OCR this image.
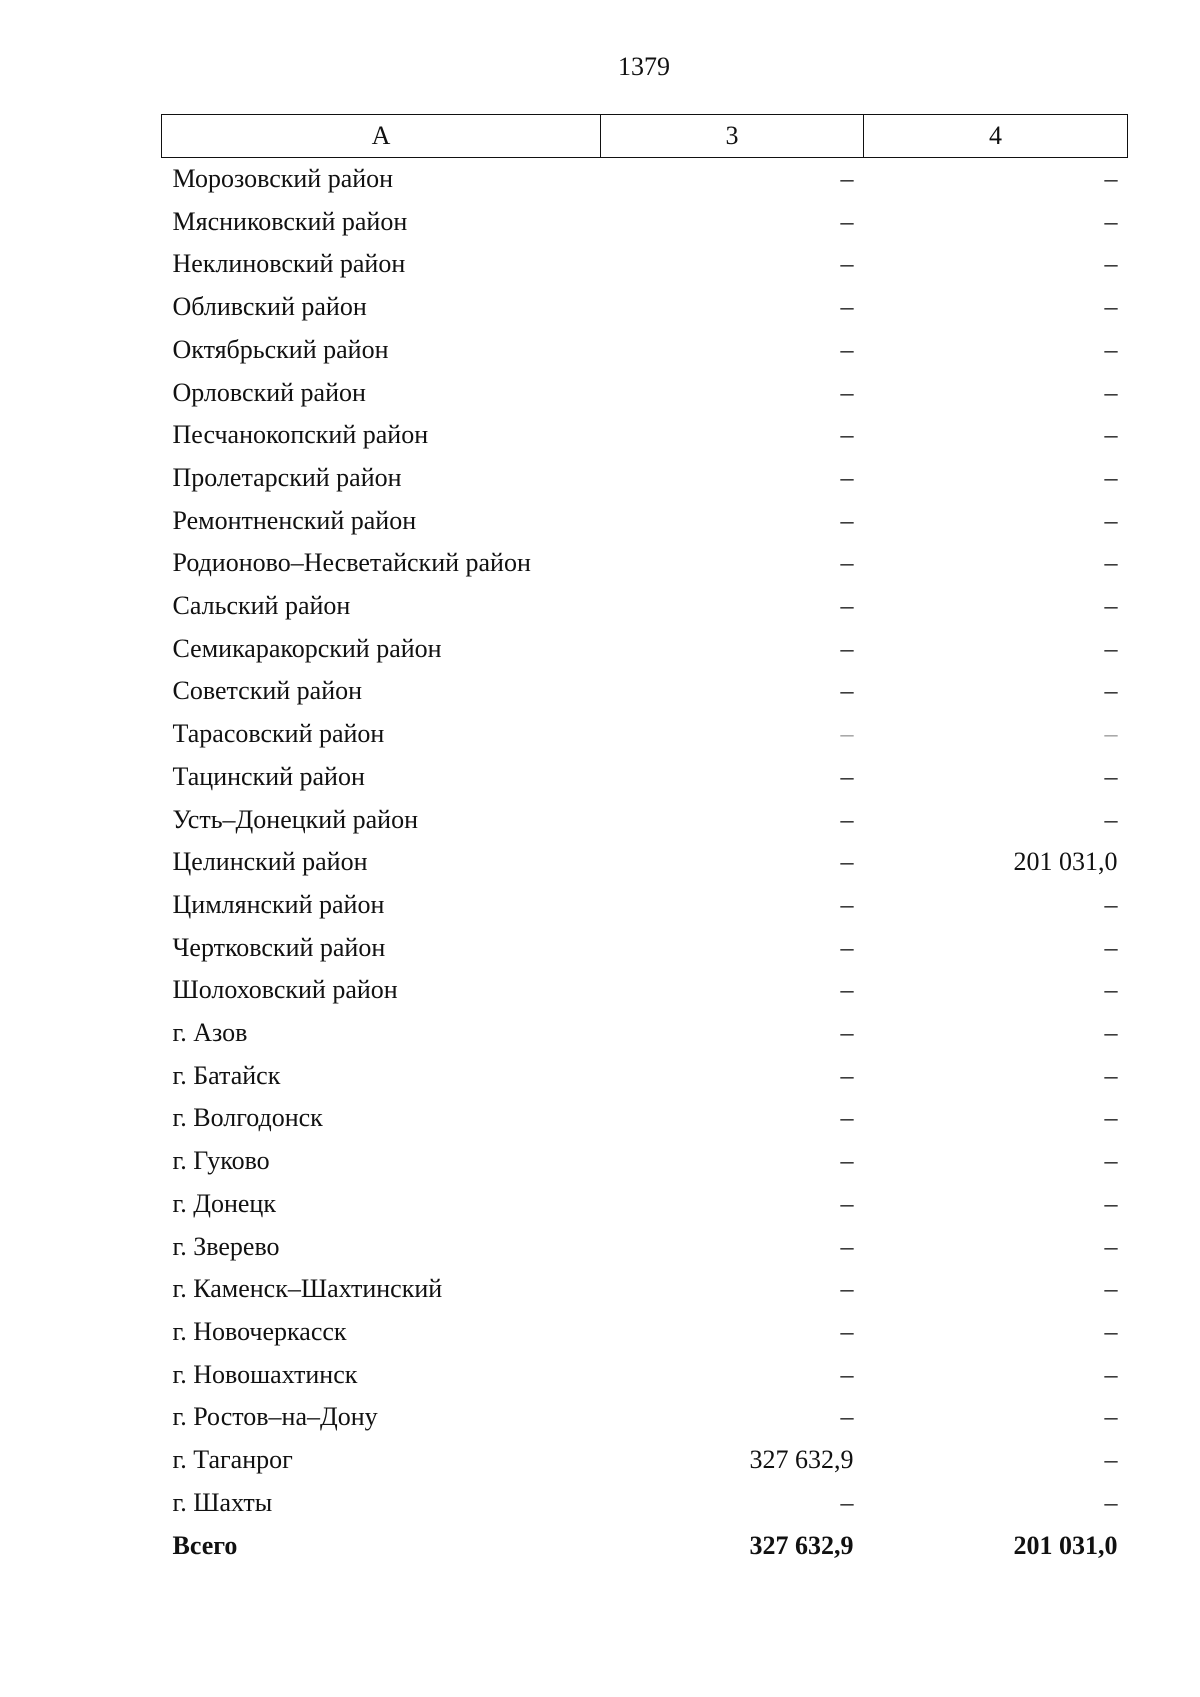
1379
А	3	4
Морозовский район	–	–
Мясниковский район	–	–
Неклиновский район	–	–
Обливский район	–	–
Октябрьский район	–	–
Орловский район	–	–
Песчанокопский район	–	–
Пролетарский район	–	–
Ремонтненский район	–	–
Родионово–Несветайский район	–	–
Сальский район	–	–
Семикаракорский район	–	–
Советский район	–	–
Тарасовский район	–	–
Тацинский район	–	–
Усть–Донецкий район	–	–
Целинский район	–	201 031,0
Цимлянский район	–	–
Чертковский район	–	–
Шолоховский район	–	–
г. Азов	–	–
г. Батайск	–	–
г. Волгодонск	–	–
г. Гуково	–	–
г. Донецк	–	–
г. Зверево	–	–
г. Каменск–Шахтинский	–	–
г. Новочеркасск	–	–
г. Новошахтинск	–	–
г. Ростов–на–Дону	–	–
г. Таганрог	327 632,9	–
г. Шахты	–	–
Всего	327 632,9	201 031,0
